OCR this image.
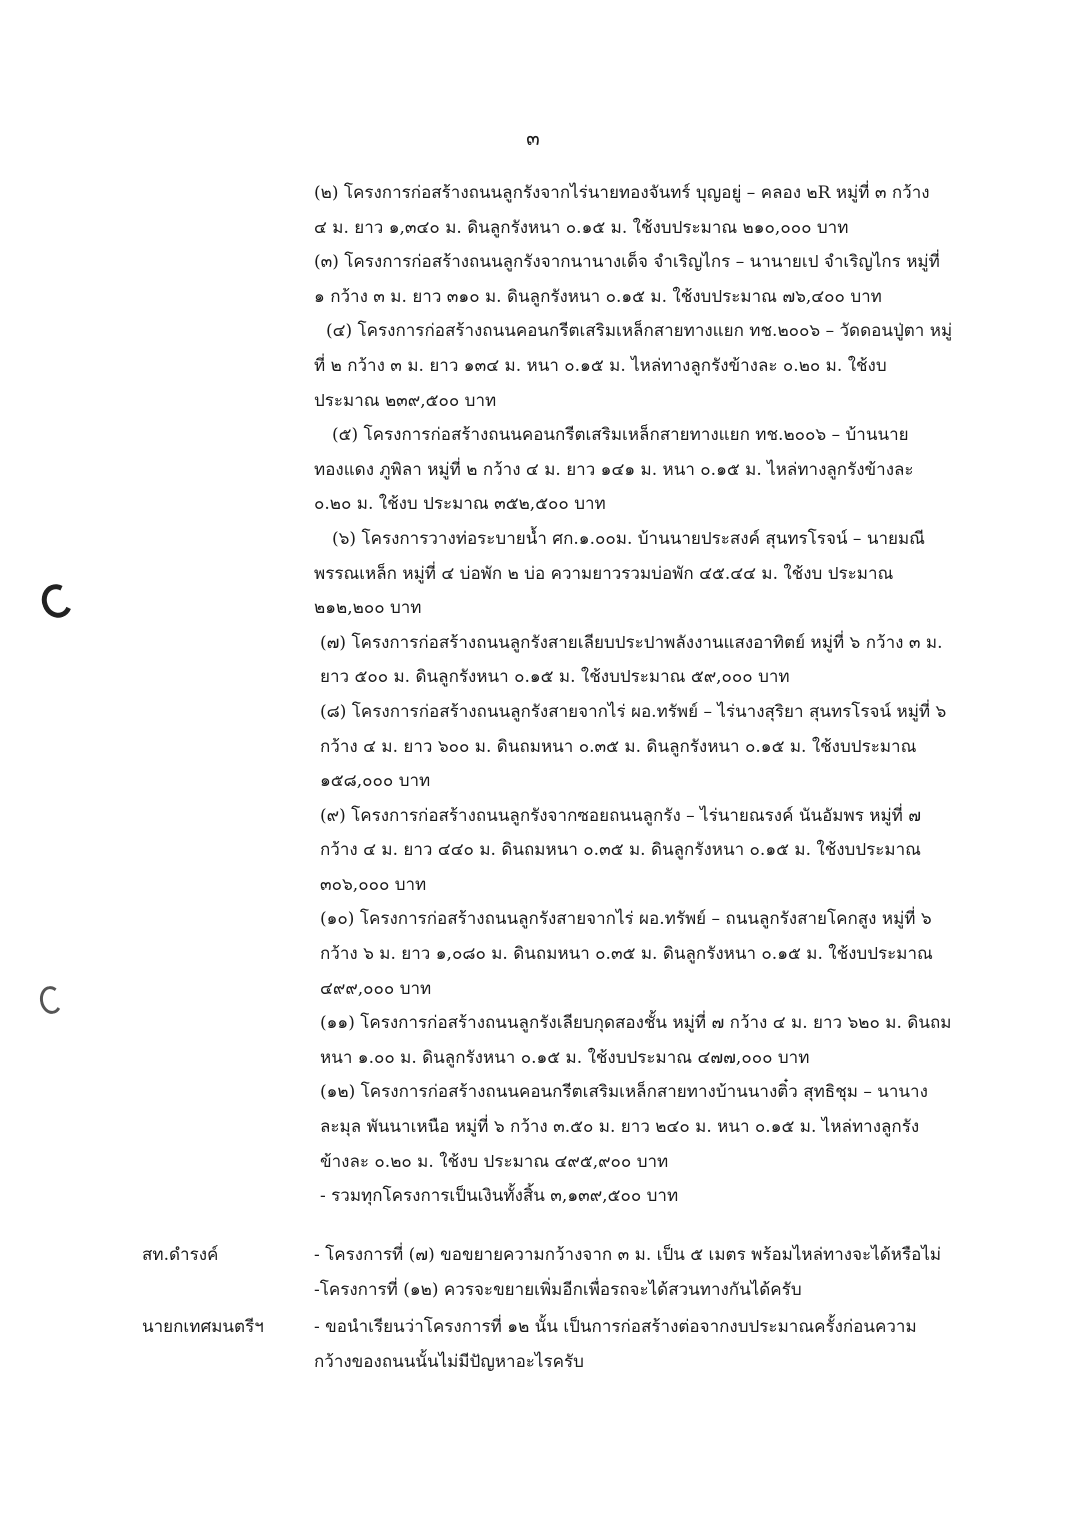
๓

(๒) โครงการก่อสร้างถนนลูกรังจากไร่นายทองจันทร์ บุญอยู่ – คลอง ๒R หมู่ที่ ๓ กว้าง

๔ ม. ยาว ๑,๓๔๐ ม. ดินลูกรังหนา ๐.๑๕ ม. ใช้งบประมาณ ๒๑๐,๐๐๐ บาท

(๓) โครงการก่อสร้างถนนลูกรังจากนานางเด็จ จำเริญไกร – นานายเป จำเริญไกร หมู่ที่

๑ กว้าง ๓ ม. ยาว ๓๑๐ ม. ดินลูกรังหนา ๐.๑๕ ม. ใช้งบประมาณ ๗๖,๔๐๐ บาท

(๔) โครงการก่อสร้างถนนคอนกรีตเสริมเหล็กสายทางแยก ทช.๒๐๐๖ – วัดดอนปู่ตา หมู่

ที่ ๒ กว้าง ๓ ม. ยาว ๑๓๔ ม. หนา ๐.๑๕ ม. ไหล่ทางลูกรังข้างละ ๐.๒๐ ม. ใช้งบ

ประมาณ ๒๓๙,๕๐๐ บาท

(๕) โครงการก่อสร้างถนนคอนกรีตเสริมเหล็กสายทางแยก ทช.๒๐๐๖ – บ้านนาย

ทองแดง ภูพิลา หมู่ที่ ๒ กว้าง ๔ ม. ยาว ๑๔๑ ม. หนา ๐.๑๕ ม. ไหล่ทางลูกรังข้างละ

๐.๒๐ ม. ใช้งบ ประมาณ ๓๕๒,๕๐๐ บาท

(๖) โครงการวางท่อระบายน้ำ ศก.๑.๐๐ม. บ้านนายประสงค์ สุนทรโรจน์ – นายมณี

พรรณเหล็ก หมู่ที่ ๔ บ่อพัก ๒ บ่อ ความยาวรวมบ่อพัก ๔๕.๔๔ ม. ใช้งบ ประมาณ

๒๑๒,๒๐๐ บาท

(๗) โครงการก่อสร้างถนนลูกรังสายเลียบประปาพลังงานแสงอาทิตย์ หมู่ที่ ๖ กว้าง ๓ ม.

ยาว ๕๐๐ ม. ดินลูกรังหนา ๐.๑๕ ม. ใช้งบประมาณ ๕๙,๐๐๐ บาท

(๘) โครงการก่อสร้างถนนลูกรังสายจากไร่ ผอ.ทรัพย์ – ไร่นางสุริยา สุนทรโรจน์ หมู่ที่ ๖

กว้าง ๔ ม. ยาว ๖๐๐ ม. ดินถมหนา ๐.๓๕ ม. ดินลูกรังหนา ๐.๑๕ ม. ใช้งบประมาณ

๑๕๘,๐๐๐ บาท

(๙) โครงการก่อสร้างถนนลูกรังจากซอยถนนลูกรัง – ไร่นายณรงค์ นันอัมพร หมู่ที่ ๗

กว้าง ๔ ม. ยาว ๔๔๐ ม. ดินถมหนา ๐.๓๕ ม. ดินลูกรังหนา ๐.๑๕ ม. ใช้งบประมาณ

๓๐๖,๐๐๐ บาท

(๑๐) โครงการก่อสร้างถนนลูกรังสายจากไร่ ผอ.ทรัพย์ – ถนนลูกรังสายโคกสูง หมู่ที่ ๖

กว้าง ๖ ม. ยาว ๑,๐๘๐ ม. ดินถมหนา ๐.๓๕ ม. ดินลูกรังหนา ๐.๑๕ ม. ใช้งบประมาณ

๔๙๙,๐๐๐ บาท

(๑๑) โครงการก่อสร้างถนนลูกรังเลียบกุดสองชั้น หมู่ที่ ๗ กว้าง ๔ ม. ยาว ๖๒๐ ม. ดินถม

หนา ๑.๐๐ ม. ดินลูกรังหนา ๐.๑๕ ม. ใช้งบประมาณ ๔๗๗,๐๐๐ บาท

(๑๒) โครงการก่อสร้างถนนคอนกรีตเสริมเหล็กสายทางบ้านนางติ๋ว สุทธิชุม – นานาง

ละมุล พันนาเหนือ หมู่ที่ ๖ กว้าง ๓.๕๐ ม. ยาว ๒๔๐ ม. หนา ๐.๑๕ ม. ไหล่ทางลูกรัง

ข้างละ ๐.๒๐ ม. ใช้งบ ประมาณ ๔๙๕,๙๐๐ บาท

- รวมทุกโครงการเป็นเงินทั้งสิ้น ๓,๑๓๙,๕๐๐ บาท

สท.ดำรงค์	- โครงการที่ (๗) ขอขยายความกว้างจาก ๓ ม. เป็น ๕ เมตร พร้อมไหล่ทางจะได้หรือไม่

-โครงการที่ (๑๒) ควรจะขยายเพิ่มอีกเพื่อรถจะได้สวนทางกันได้ครับ

นายกเทศมนตรีฯ	- ขอนำเรียนว่าโครงการที่ ๑๒ นั้น เป็นการก่อสร้างต่อจากงบประมาณครั้งก่อนความ

กว้างของถนนนั้นไม่มีปัญหาอะไรครับ
